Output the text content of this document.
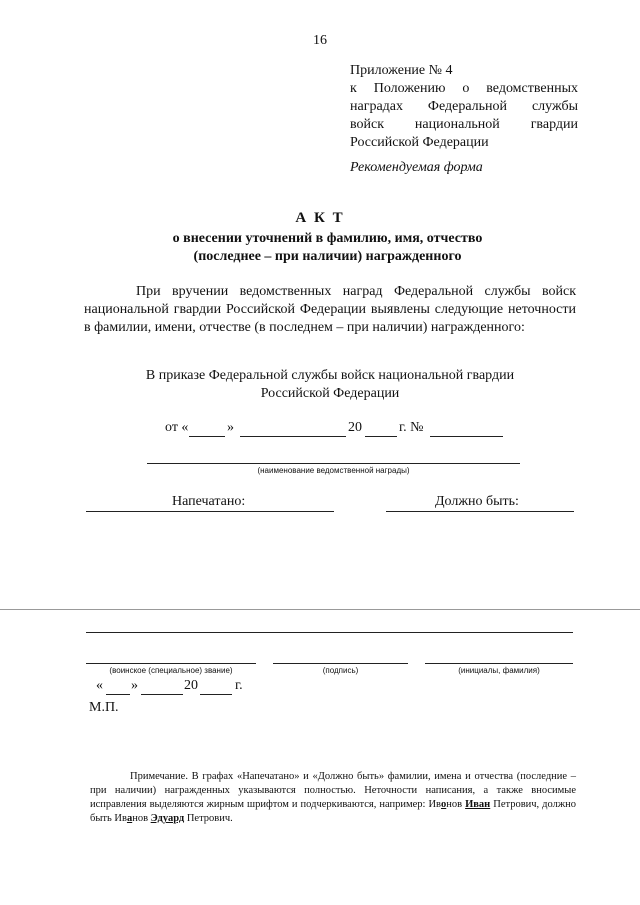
16
Приложение № 4
к Положению о ведомственных
наградах Федеральной службы
войск национальной гвардии
Российской Федерации
Рекомендуемая форма
А К Т
о внесении уточнений в фамилию, имя, отчество
(последнее – при наличии) награжденного
При вручении ведомственных наград Федеральной службы войск национальной гвардии Российской Федерации выявлены следующие неточности в фамилии, имени, отчестве (в последнем – при наличии) награжденного:
В приказе Федеральной службы войск национальной гвардии
Российской Федерации
от «	»	20	г. №
(наименование ведомственной награды)
Напечатано:	Должно быть:
(воинское (специальное) звание)	(подпись)	(инициалы, фамилия)
« »	20	г.
М.П.
Примечание. В графах «Напечатано» и «Должно быть» фамилии, имена и отчества (последние – при наличии) награжденных указываются полностью. Неточности написания, а также вносимые исправления выделяются жирным шрифтом и подчеркиваются, например: Ивонов Иван Петрович, должно быть Иванов Эдуард Петрович.
